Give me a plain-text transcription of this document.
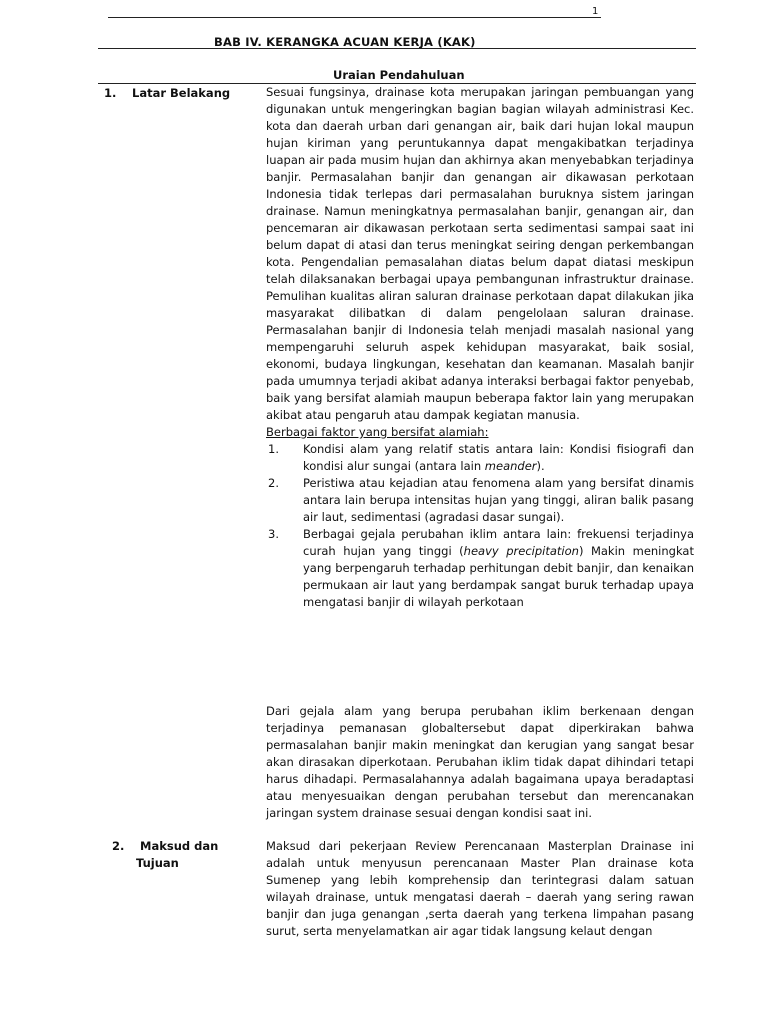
1
BAB IV. KERANGKA ACUAN KERJA (KAK)
Uraian Pendahuluan
1. Latar Belakang	Sesuai fungsinya, drainase kota merupakan jaringan pembuangan yang digunakan untuk mengeringkan bagian bagian wilayah administrasi Kec. kota dan daerah urban dari genangan air, baik dari hujan lokal maupun hujan kiriman yang peruntukannya dapat mengakibatkan terjadinya luapan air pada musim hujan dan akhirnya akan menyebabkan terjadinya banjir. Permasalahan banjir dan genangan air dikawasan perkotaan Indonesia tidak terlepas dari permasalahan buruknya sistem jaringan drainase. Namun meningkatnya permasalahan banjir, genangan air, dan pencemaran air dikawasan perkotaan serta sedimentasi sampai saat ini belum dapat di atasi dan terus meningkat seiring dengan perkembangan kota. Pengendalian pemasalahan diatas belum dapat diatasi meskipun telah dilaksanakan berbagai upaya pembangunan infrastruktur drainase. Pemulihan kualitas aliran saluran drainase perkotaan dapat dilakukan jika masyarakat dilibatkan di dalam pengelolaan saluran drainase. Permasalahan banjir di Indonesia telah menjadi masalah nasional yang mempengaruhi seluruh aspek kehidupan masyarakat, baik sosial, ekonomi, budaya lingkungan, kesehatan dan keamanan. Masalah banjir pada umumnya terjadi akibat adanya interaksi berbagai faktor penyebab, baik yang bersifat alamiah maupun beberapa faktor lain yang merupakan akibat atau pengaruh atau dampak kegiatan manusia.

Berbagai faktor yang bersifat alamiah:

1. Kondisi alam yang relatif statis antara lain: Kondisi fisiografi dan kondisi alur sungai (antara lain meander).
2. Peristiwa atau kejadian atau fenomena alam yang bersifat dinamis antara lain berupa intensitas hujan yang tinggi, aliran balik pasang air laut, sedimentasi (agradasi dasar sungai).
3. Berbagai gejala perubahan iklim antara lain: frekuensi terjadinya curah hujan yang tinggi (heavy precipitation) Makin meningkat yang berpengaruh terhadap perhitungan debit banjir, dan kenaikan permukaan air laut yang berdampak sangat buruk terhadap upaya mengatasi banjir di wilayah perkotaan

Dari gejala alam yang berupa perubahan iklim berkenaan dengan terjadinya pemanasan globaltersebut dapat diperkirakan bahwa permasalahan banjir makin meningkat dan kerugian yang sangat besar akan dirasakan diperkotaan. Perubahan iklim tidak dapat dihindari tetapi harus dihadapi. Permasalahannya adalah bagaimana upaya beradaptasi atau menyesuaikan dengan perubahan tersebut dan merencanakan jaringan system drainase sesuai dengan kondisi saat ini.

2. Maksud dan
Tujuan

Maksud dari pekerjaan Review Perencanaan Masterplan Drainase ini adalah untuk menyusun perencanaan Master Plan drainase kota Sumenep yang lebih komprehensip dan terintegrasi dalam satuan wilayah drainase, untuk mengatasi daerah – daerah yang sering rawan banjir dan juga genangan ,serta daerah yang terkena limpahan pasang surut, serta menyelamatkan air agar tidak langsung kelaut dengan
